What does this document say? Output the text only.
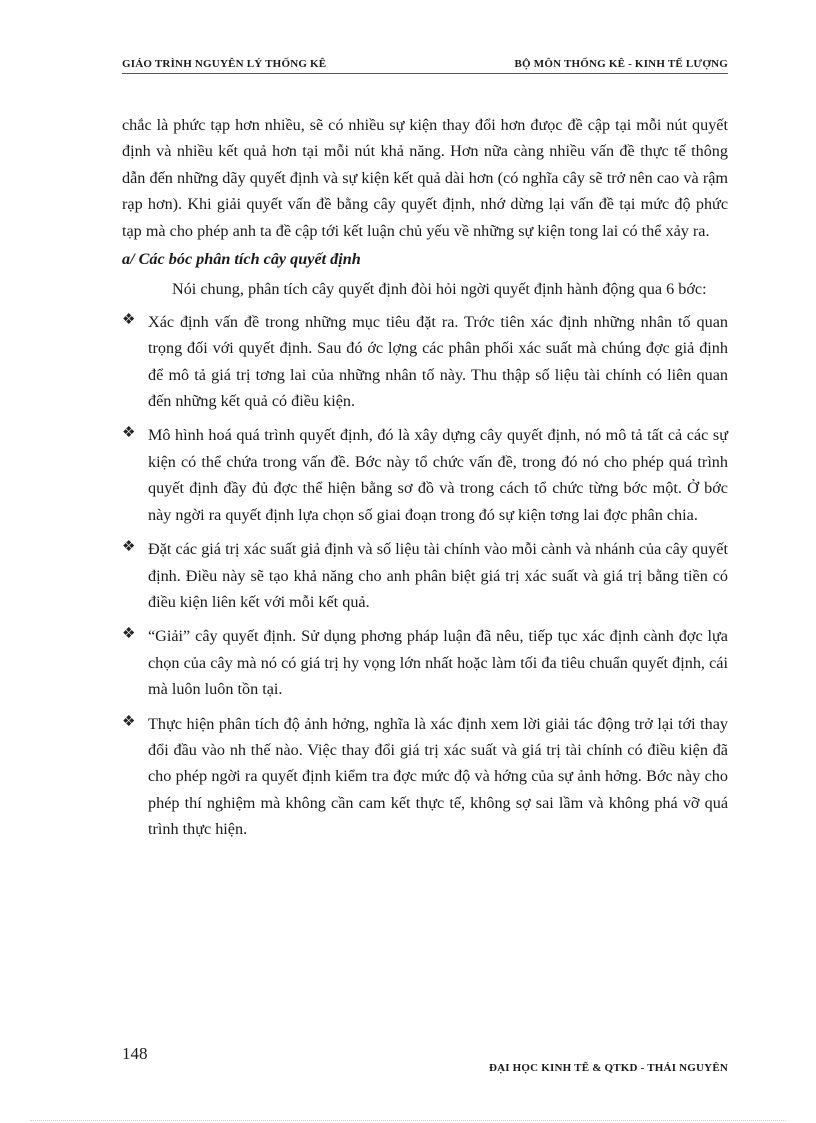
GIÁO TRÌNH NGUYÊN LÝ THỐNG KÊ	BỘ MÔN THỐNG KÊ - KINH TẾ LƯỢNG

chắc là phức tạp hơn nhiều, sẽ có nhiều sự kiện thay đổi hơn đưọc đề cập tại mỗi nút quyết định và nhiều kết quả hơn tại mỗi nút khả năng. Hơn nữa càng nhiều vấn đề thực tế thông dẫn đến những dãy quyết định và sự kiện kết quả dài hơn (có nghĩa cây sẽ trở nên cao và rậm rạp hơn). Khi giải quyết vấn đề bằng cây quyết định, nhớ dừng lại vấn đề tại mức độ phức tạp mà cho phép anh ta đề cập tới kết luận chủ yếu về những sự kiện tong lai có thể xảy ra.

a/ Các bóc phân tích cây quyết định

Nói chung, phân tích cây quyết định đòi hỏi ngời quyết định hành động qua 6 bớc:

❖ Xác định vấn đề trong những mục tiêu đặt ra. Trớc tiên xác định những nhân tố quan trọng đối với quyết định. Sau đó ớc lợng các phân phối xác suất mà chúng đợc giả định để mô tả giá trị tơng lai của những nhân tố này. Thu thập số liệu tài chính có liên quan đến những kết quả có điều kiện.
❖ Mô hình hoá quá trình quyết định, đó là xây dựng cây quyết định, nó mô tả tất cả các sự kiện có thể chứa trong vấn đề. Bớc này tổ chức vấn đề, trong đó nó cho phép quá trình quyết định đầy đủ đợc thể hiện bằng sơ đồ và trong cách tổ chức từng bớc một. Ở bớc này ngời ra quyết định lựa chọn số giai đoạn trong đó sự kiện tơng lai đợc phân chia.
❖ Đặt các giá trị xác suất giả định và số liệu tài chính vào mỗi cành và nhánh của cây quyết định. Điều này sẽ tạo khả năng cho anh phân biệt giá trị xác suất và giá trị bằng tiền có điều kiện liên kết với mỗi kết quả.
❖ “Giải” cây quyết định. Sử dụng phơng pháp luận đã nêu, tiếp tục xác định cành đợc lựa chọn của cây mà nó có giá trị hy vọng lớn nhất hoặc làm tối đa tiêu chuẩn quyết định, cái mà luôn luôn tồn tại.
❖ Thực hiện phân tích độ ảnh hởng, nghĩa là xác định xem lời giải tác động trở lại tới thay đổi đầu vào nh thế nào. Việc thay đổi giá trị xác suất và giá trị tài chính có điều kiện đã cho phép ngời ra quyết định kiểm tra đợc mức độ và hớng của sự ảnh hởng. Bớc này cho phép thí nghiệm mà không cần cam kết thực tế, không sợ sai lầm và không phá vỡ quá trình thực hiện.
148
ĐẠI HỌC KINH TẾ & QTKD - THÁI NGUYÊN
